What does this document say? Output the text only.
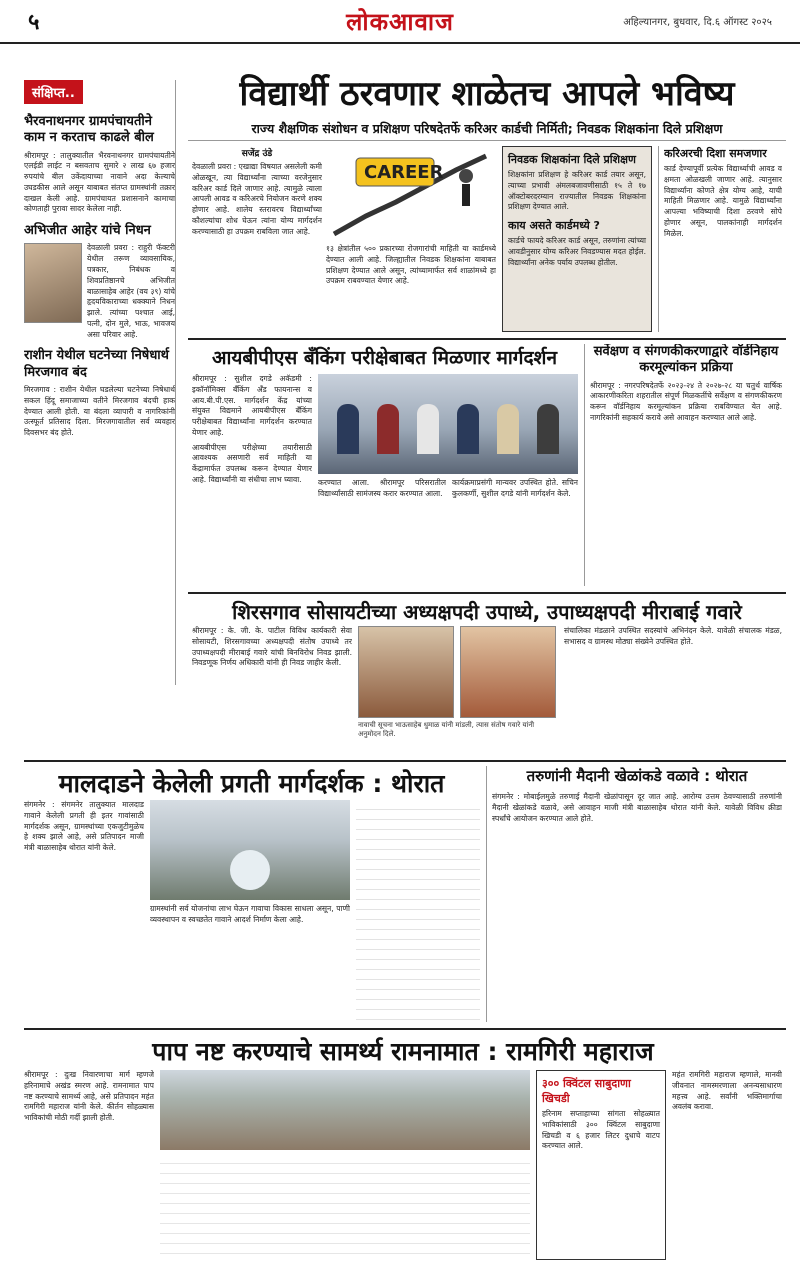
५	लोकआवाज	अहिल्यानगर, बुधवार, दि.६ ऑगस्ट २०२५
संक्षिप्त..
भैरवनाथनगर ग्रामपंचायतीने काम न करताच काढले बील
श्रीरामपूर : तालुक्यातील भैरवनाथनगर ग्रामपंचायतीने एलईडी लाईट न बसवताच सुमारे २ लाख ६७ हजार रुपयांचे बील उकेंदायाच्या नावाने अदा केल्याचे उघडकीस आले असून याबाबत संतप्त ग्रामस्थांनी तक्रार दाखल केली आहे. ग्रामपंचायत प्रशासनाने कामाचा कोणताही पुरावा सादर केलेला नाही.
अभिजीत आहेर यांचे निधन
देवळाली प्रवरा : राहुरी फॅक्टरी येथील तरूण व्यावसायिक, पत्रकार, निबंधक व शिवप्रतिष्ठानचे अभिजीत बाळासाहेब आहेर (वय ३९) यांचे हृदयविकाराच्या धक्क्याने निधन झाले. त्यांच्या पश्चात आई, पत्नी, दोन मुले, भाऊ, भावजय असा परिवार आहे.
राशीन येथील घटनेच्या निषेधार्थ मिरजगाव बंद
मिरजगाव : राशीन येथील घडलेल्या घटनेच्या निषेधार्थ सकल हिंदू समाजाच्या वतीने मिरजगाव बंदची हाक देण्यात आली होती. या बंदला व्यापारी व नागरिकांनी उत्स्फूर्त प्रतिसाद दिला. मिरजगावातील सर्व व्यवहार दिवसभर बंद होते.
विद्यार्थी ठरवणार शाळेतच आपले भविष्य
राज्य शैक्षणिक संशोधन व प्रशिक्षण परिषदेतर्फे करिअर कार्डची निर्मिती; निवडक शिक्षकांना दिले प्रशिक्षण
सजेंद्र उंडे
देवळाली प्रवरा : एखाद्या विषयात असलेली कमी ओळखून, त्या विद्यार्थ्यांना त्याच्या वरजेनुसार करिअर कार्ड दिले जाणार आहे. त्यामुळे त्याला आपली आवड व करिअरचे नियोजन करणे शक्य होणार आहे. शालेय स्तरावरच विद्यार्थ्यांच्या कौशल्यांचा शोध घेऊन त्यांना योग्य मार्गदर्शन करण्यासाठी हा उपक्रम राबविला जात आहे.
CAREER
१३ क्षेत्रांतील ५०० प्रकारच्या रोजगारांची माहिती या कार्डमध्ये देण्यात आली आहे. जिल्ह्यातील निवडक शिक्षकांना याबाबत प्रशिक्षण देण्यात आले असून, त्यांच्यामार्फत सर्व शाळांमध्ये हा उपक्रम राबवण्यात येणार आहे.
निवडक शिक्षकांना दिले प्रशिक्षण
शिक्षकांना प्रशिक्षण हे करिअर कार्ड तयार असून, त्याच्या प्रभावी अंमलबजावणीसाठी १५ ते १७ ऑक्टोबरदरम्यान राज्यातील निवडक शिक्षकांना प्रशिक्षण देण्यात आले.
काय असते कार्डमध्ये ?
कार्डचे फायदे करिअर कार्ड असून, तरुणांना त्यांच्या आवडीनुसार योग्य करिअर निवडण्यास मदत होईल. विद्यार्थ्यांना अनेक पर्याय उपलब्ध होतील.
करिअरची दिशा समजणार
कार्ड देण्यापूर्वी प्रत्येक विद्यार्थ्याची आवड व क्षमता ओळखली जाणार आहे. त्यानुसार विद्यार्थ्यांना कोणते क्षेत्र योग्य आहे, याची माहिती मिळणार आहे. यामुळे विद्यार्थ्यांना आपल्या भविष्याची दिशा ठरवणे सोपे होणार असून, पालकांनाही मार्गदर्शन मिळेल.
आयबीपीएस बँकिंग परीक्षेबाबत मिळणार मार्गदर्शन
श्रीरामपूर : सुशील दगडे अकॅडमी : इकॉनॉमिक्स बँकिंग अँड फायनान्स व आय.बी.पी.एस. मार्गदर्शन केंद्र यांच्या संयुक्त विद्यमाने आयबीपीएस बँकिंग परीक्षेबाबत विद्यार्थ्यांना मार्गदर्शन करण्यात येणार आहे.
आयबीपीएस परीक्षेच्या तयारीसाठी आवश्यक असणारी सर्व माहिती या केंद्रामार्फत उपलब्ध करून देण्यात येणार आहे. विद्यार्थ्यांनी या संधीचा लाभ घ्यावा.	करण्यात आला. श्रीरामपूर परिसरातील विद्यार्थ्यांसाठी सामंजस्य करार करण्यात आला.
कार्यक्रमाप्रसंगी मान्यवर उपस्थित होते. सचिन कुलकर्णी, सुशील दगडे यांनी मार्गदर्शन केले.
सर्वेक्षण व संगणकीकरणाद्वारे वॉर्डनिहाय करमूल्यांकन प्रक्रिया
श्रीरामपूर : नगरपरिषदेतर्फे २०२३-२४ ते २०२७-२८ या चतुर्थ वार्षिक आकारणीकरिता शहरातील संपूर्ण मिळकतींचे सर्वेक्षण व संगणकीकरण करून वॉर्डनिहाय करमूल्यांकन प्रक्रिया राबविण्यात येत आहे. नागरिकांनी सहकार्य करावे असे आवाहन करण्यात आले आहे.
शिरसगाव सोसायटीच्या अध्यक्षपदी उपाध्ये, उपाध्यक्षपदी मीराबाई गवारे
श्रीरामपूर : के. जी. के. पाटील विविध कार्यकारी सेवा सोसायटी, शिरसगावच्या अध्यक्षपदी संतोष उपाध्ये तर उपाध्यक्षपदी मीराबाई गवारे यांची बिनविरोध निवड झाली. निवडणूक निर्णय अधिकारी यांनी ही निवड जाहीर केली.
नावाची सूचना भाऊसाहेब धुमाळ यांनी मांडली, त्यास संतोष गवारे यांनी अनुमोदन दिले.
संचालिका मंडळाने उपस्थित सदस्यांचे अभिनंदन केले. यावेळी संचालक मंडळ, सभासद व ग्रामस्थ मोठ्या संख्येने उपस्थित होते.
मालदाडने केलेली प्रगती मार्गदर्शक : थोरात
संगमनेर : संगमनेर तालुक्यात मालदाड गावाने केलेली प्रगती ही इतर गावांसाठी मार्गदर्शक असून, ग्रामस्थांच्या एकजुटीमुळेच हे शक्य झाले आहे, असे प्रतिपादन माजी मंत्री बाळासाहेब थोरात यांनी केले.
ग्रामस्थांनी सर्व योजनांचा लाभ घेऊन गावाचा विकास साधला असून, पाणी व्यवस्थापन व स्वच्छतेत गावाने आदर्श निर्माण केला आहे.
तरुणांनी मैदानी खेळांकडे वळावे : थोरात
संगमनेर : मोबाईलमुळे तरुणाई मैदानी खेळांपासून दूर जात आहे. आरोग्य उत्तम ठेवण्यासाठी तरुणांनी मैदानी खेळांकडे वळावे, असे आवाहन माजी मंत्री बाळासाहेब थोरात यांनी केले. यावेळी विविध क्रीडा स्पर्धांचे आयोजन करण्यात आले होते.
पाप नष्ट करण्याचे सामर्थ्य रामनामात : रामगिरी महाराज
श्रीरामपूर : दुःख निवारणाचा मार्ग म्हणजे हरिनामाचे अखंड स्मरण आहे. रामनामात पाप नष्ट करण्याचे सामर्थ्य आहे, असे प्रतिपादन महंत रामगिरी महाराज यांनी केले. कीर्तन सोहळ्यास भाविकांची मोठी गर्दी झाली होती.
३०० क्विंटल साबुदाणा खिचडी
हरिनाम सप्ताहाच्या सांगता सोहळ्यात भाविकांसाठी ३०० क्विंटल साबुदाणा खिचडी व ६ हजार लिटर दुधाचे वाटप करण्यात आले.
महंत रामगिरी महाराज म्हणाले, मानवी जीवनात नामस्मरणाला अनन्यसाधारण महत्त्व आहे. सर्वांनी भक्तिमार्गाचा अवलंब करावा.
